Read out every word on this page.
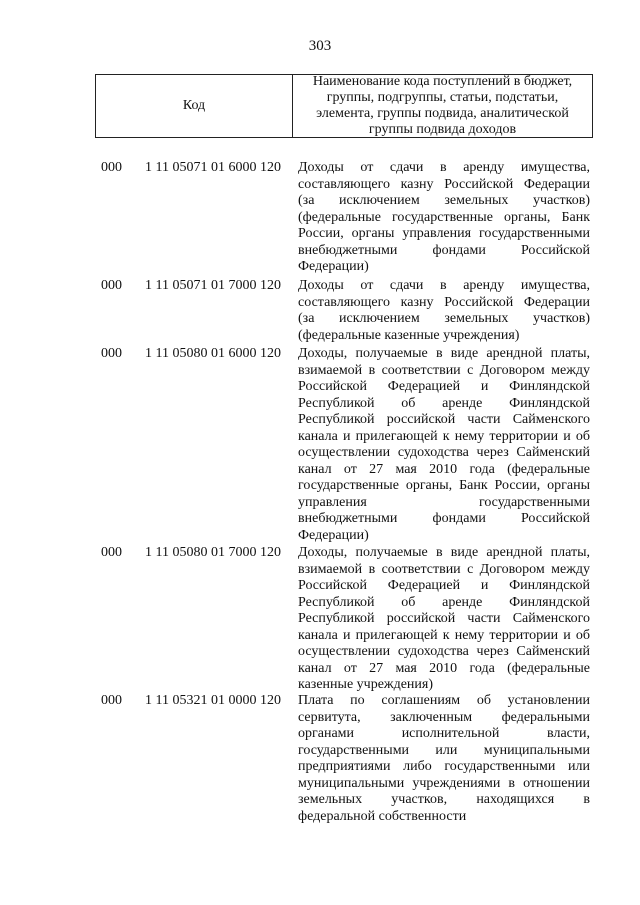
303
Код
Наименование кода поступлений в бюджет,
группы, подгруппы, статьи, подстатьи,
элемента, группы подвида, аналитической
группы подвида доходов
000	1 11 05071 01 6000 120	Доходы от сдачи в аренду имущества,
составляющего казну Российской Федерации
(за исключением земельных участков)
(федеральные государственные органы, Банк
России, органы управления государственными
внебюджетными фондами Российской
Федерации)
000	1 11 05071 01 7000 120	Доходы от сдачи в аренду имущества,
составляющего казну Российской Федерации
(за исключением земельных участков)
(федеральные казенные учреждения)
000	1 11 05080 01 6000 120	Доходы, получаемые в виде арендной платы,
взимаемой в соответствии с Договором между
Российской Федерацией и Финляндской
Республикой об аренде Финляндской
Республикой российской части Сайменского
канала и прилегающей к нему территории и об
осуществлении судоходства через Сайменский
канал от 27 мая 2010 года (федеральные
государственные органы, Банк России, органы
управления государственными
внебюджетными фондами Российской
Федерации)
000	1 11 05080 01 7000 120	Доходы, получаемые в виде арендной платы,
взимаемой в соответствии с Договором между
Российской Федерацией и Финляндской
Республикой об аренде Финляндской
Республикой российской части Сайменского
канала и прилегающей к нему территории и об
осуществлении судоходства через Сайменский
канал от 27 мая 2010 года (федеральные
казенные учреждения)
000	1 11 05321 01 0000 120	Плата по соглашениям об установлении
сервитута, заключенным федеральными
органами исполнительной власти,
государственными или муниципальными
предприятиями либо государственными или
муниципальными учреждениями в отношении
земельных участков, находящихся в
федеральной собственности
